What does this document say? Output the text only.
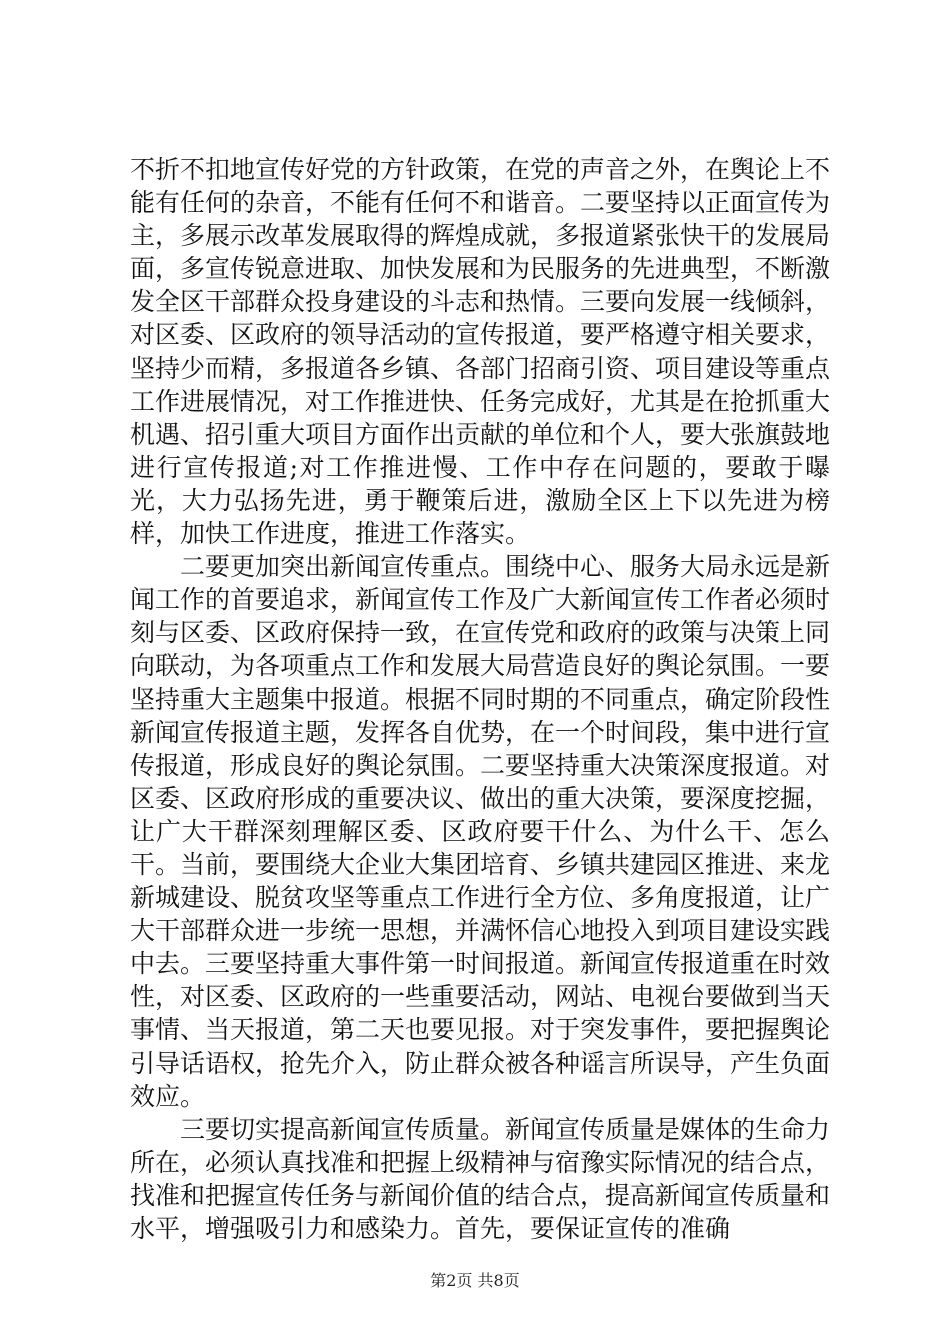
不折不扣地宣传好党的方针政策，在党的声音之外，在舆论上不能有任何的杂音，不能有任何不和谐音。二要坚持以正面宣传为主，多展示改革发展取得的辉煌成就，多报道紧张快干的发展局面，多宣传锐意进取、加快发展和为民服务的先进典型，不断激发全区干部群众投身建设的斗志和热情。三要向发展一线倾斜，对区委、区政府的领导活动的宣传报道，要严格遵守相关要求，坚持少而精，多报道各乡镇、各部门招商引资、项目建设等重点工作进展情况，对工作推进快、任务完成好，尤其是在抢抓重大机遇、招引重大项目方面作出贡献的单位和个人，要大张旗鼓地进行宣传报道;对工作推进慢、工作中存在问题的，要敢于曝光，大力弘扬先进，勇于鞭策后进，激励全区上下以先进为榜样，加快工作进度，推进工作落实。

二要更加突出新闻宣传重点。围绕中心、服务大局永远是新闻工作的首要追求，新闻宣传工作及广大新闻宣传工作者必须时刻与区委、区政府保持一致，在宣传党和政府的政策与决策上同向联动，为各项重点工作和发展大局营造良好的舆论氛围。一要坚持重大主题集中报道。根据不同时期的不同重点，确定阶段性新闻宣传报道主题，发挥各自优势，在一个时间段，集中进行宣传报道，形成良好的舆论氛围。二要坚持重大决策深度报道。对区委、区政府形成的重要决议、做出的重大决策，要深度挖掘，让广大干群深刻理解区委、区政府要干什么、为什么干、怎么干。当前，要围绕大企业大集团培育、乡镇共建园区推进、来龙新城建设、脱贫攻坚等重点工作进行全方位、多角度报道，让广大干部群众进一步统一思想，并满怀信心地投入到项目建设实践中去。三要坚持重大事件第一时间报道。新闻宣传报道重在时效性，对区委、区政府的一些重要活动，网站、电视台要做到当天事情、当天报道，第二天也要见报。对于突发事件，要把握舆论引导话语权，抢先介入，防止群众被各种谣言所误导，产生负面效应。

三要切实提高新闻宣传质量。新闻宣传质量是媒体的生命力所在，必须认真找准和把握上级精神与宿豫实际情况的结合点，找准和把握宣传任务与新闻价值的结合点，提高新闻宣传质量和水平，增强吸引力和感染力。首先，要保证宣传的准确

第2页 共8页
